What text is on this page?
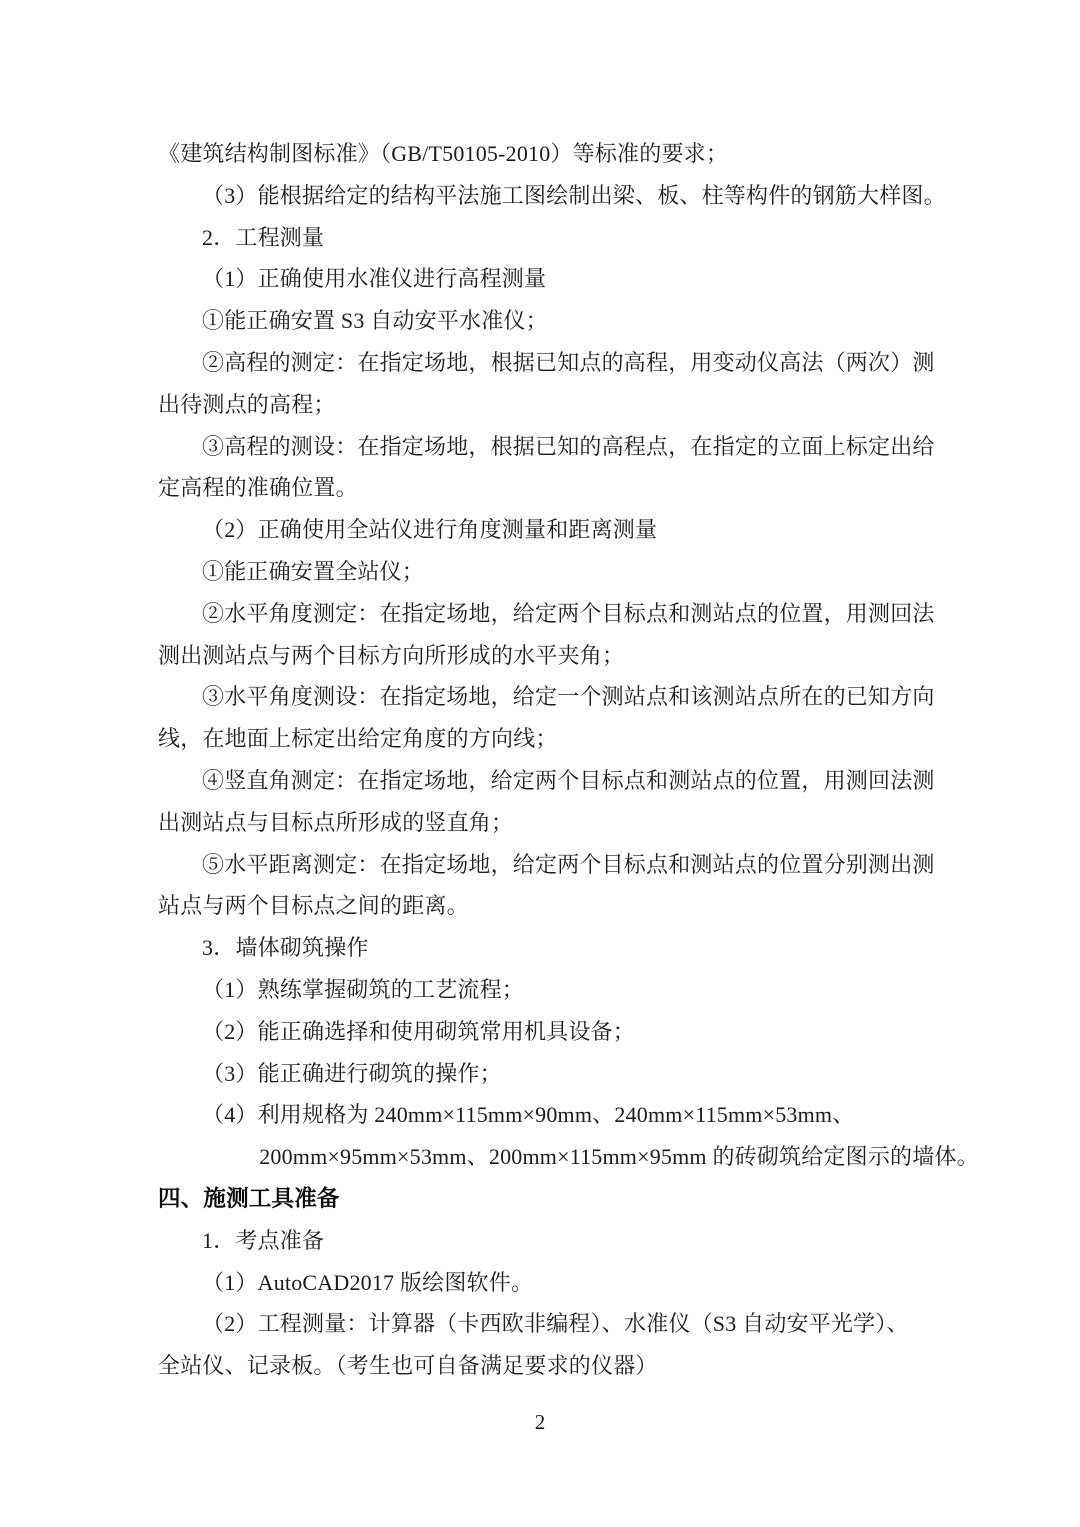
《建筑结构制图标准》（GB/T50105-2010）等标准的要求；
（3）能根据给定的结构平法施工图绘制出梁、板、柱等构件的钢筋大样图。
2．工程测量
（1）正确使用水准仪进行高程测量
①能正确安置 S3 自动安平水准仪；
②高程的测定：在指定场地，根据已知点的高程，用变动仪高法（两次）测
出待测点的高程；
③高程的测设：在指定场地，根据已知的高程点，在指定的立面上标定出给
定高程的准确位置。
（2）正确使用全站仪进行角度测量和距离测量
①能正确安置全站仪；
②水平角度测定：在指定场地，给定两个目标点和测站点的位置，用测回法
测出测站点与两个目标方向所形成的水平夹角；
③水平角度测设：在指定场地，给定一个测站点和该测站点所在的已知方向
线，在地面上标定出给定角度的方向线；
④竖直角测定：在指定场地，给定两个目标点和测站点的位置，用测回法测
出测站点与目标点所形成的竖直角；
⑤水平距离测定：在指定场地，给定两个目标点和测站点的位置分别测出测
站点与两个目标点之间的距离。
3．墙体砌筑操作
（1）熟练掌握砌筑的工艺流程；
（2）能正确选择和使用砌筑常用机具设备；
（3）能正确进行砌筑的操作；
（4）利用规格为 240mm×115mm×90mm、240mm×115mm×53mm、
200mm×95mm×53mm、200mm×115mm×95mm 的砖砌筑给定图示的墙体。
四、施测工具准备
1．考点准备
（1）AutoCAD2017 版绘图软件。
（2）工程测量：计算器（卡西欧非编程）、水准仪（S3 自动安平光学）、
全站仪、记录板。（考生也可自备满足要求的仪器）
2
